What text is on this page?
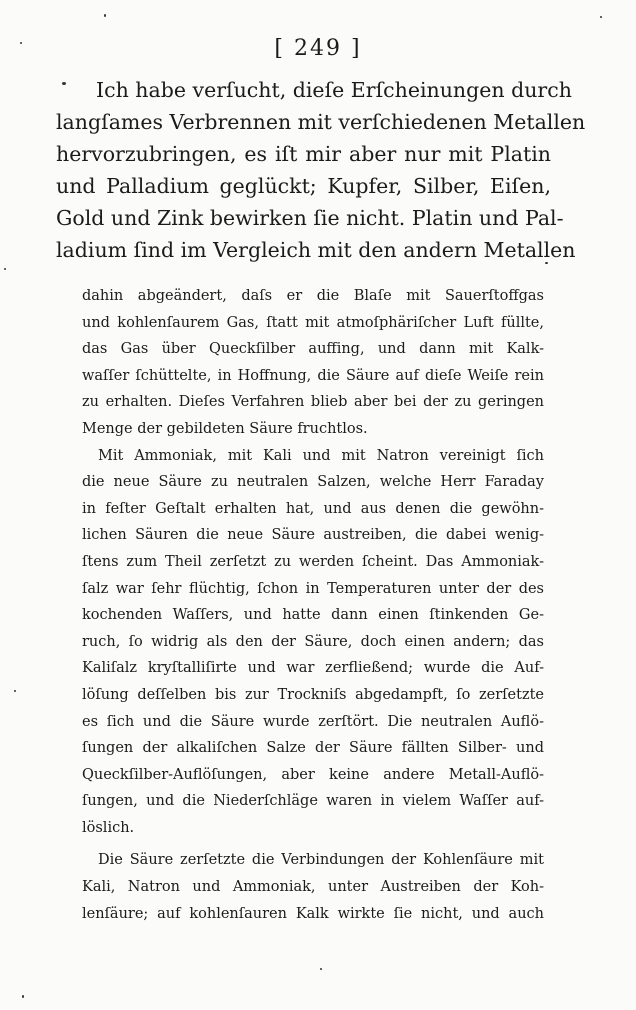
[ 249 ]
Ich habe verſucht, dieſe Erſcheinungen durch
langſames Verbrennen mit verſchiedenen Metallen
hervorzubringen, es iſt mir aber nur mit Platin
und Palladium geglückt; Kupfer, Silber, Eiſen,
Gold und Zink bewirken ſie nicht. Platin und Pal-
ladium ſind im Vergleich mit den andern Metallen
dahin abgeändert, daſs er die Blaſe mit Sauerſtoffgas
und kohlenſaurem Gas, ſtatt mit atmoſphäriſcher Luft füllte,
das Gas über Queckſilber auffing, und dann mit Kalk-
waſſer ſchüttelte, in Hoffnung, die Säure auf dieſe Weiſe rein
zu erhalten. Dieſes Verfahren blieb aber bei der zu geringen
Menge der gebildeten Säure fruchtlos.
Mit Ammoniak, mit Kali und mit Natron vereinigt ſich
die neue Säure zu neutralen Salzen, welche Herr Faraday
in feſter Geſtalt erhalten hat, und aus denen die gewöhn-
lichen Säuren die neue Säure austreiben, die dabei wenig-
ſtens zum Theil zerſetzt zu werden ſcheint. Das Ammoniak-
ſalz war ſehr flüchtig, ſchon in Temperaturen unter der des
kochenden Waſſers, und hatte dann einen ſtinkenden Ge-
ruch, ſo widrig als den der Säure, doch einen andern; das
Kaliſalz kryſtalliſirte und war zerfließend; wurde die Auf-
löſung deſſelben bis zur Trockniſs abgedampft, ſo zerſetzte
es ſich und die Säure wurde zerſtört. Die neutralen Auflö-
ſungen der alkaliſchen Salze der Säure fällten Silber- und
Queckſilber-Auflöſungen, aber keine andere Metall-Auflö-
ſungen, und die Niederſchläge waren in vielem Waſſer auf-
löslich.
Die Säure zerſetzte die Verbindungen der Kohlenſäure mit
Kali, Natron und Ammoniak, unter Austreiben der Koh-
lenſäure; auf kohlenſauren Kalk wirkte ſie nicht, und auch
